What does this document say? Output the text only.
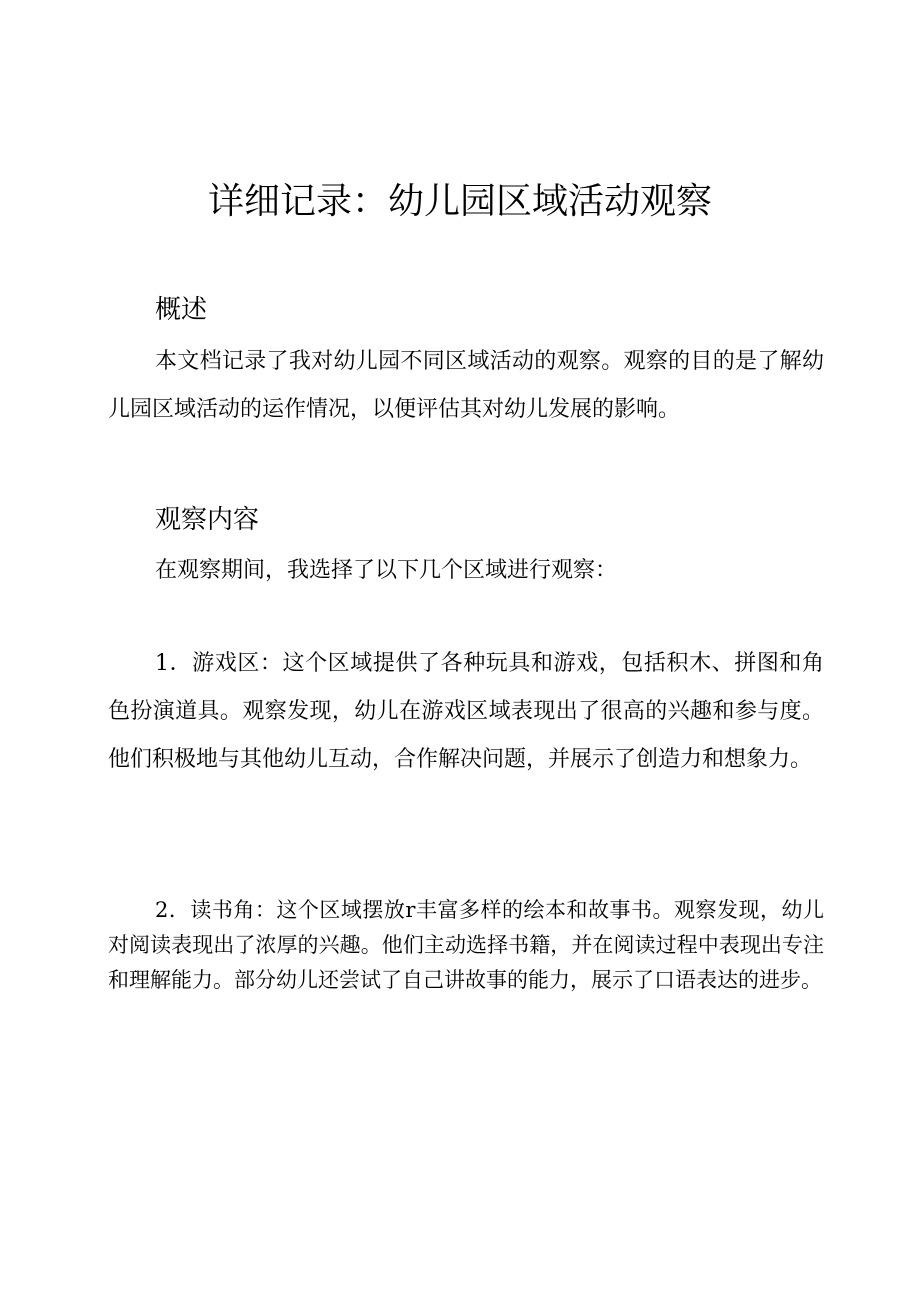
详细记录：幼儿园区域活动观察
概述

本文档记录了我对幼儿园不同区域活动的观察。观察的目的是了解幼儿园区域活动的运作情况，以便评估其对幼儿发展的影响。

观察内容

在观察期间，我选择了以下几个区域进行观察：

1．游戏区：这个区域提供了各种玩具和游戏，包括积木、拼图和角色扮演道具。观察发现，幼儿在游戏区域表现出了很高的兴趣和参与度。他们积极地与其他幼儿互动，合作解决问题，并展示了创造力和想象力。

2．读书角：这个区域摆放r丰富多样的绘本和故事书。观察发现，幼儿对阅读表现出了浓厚的兴趣。他们主动选择书籍，并在阅读过程中表现出专注和理解能力。部分幼儿还尝试了自己讲故事的能力，展示了口语表达的进步。
